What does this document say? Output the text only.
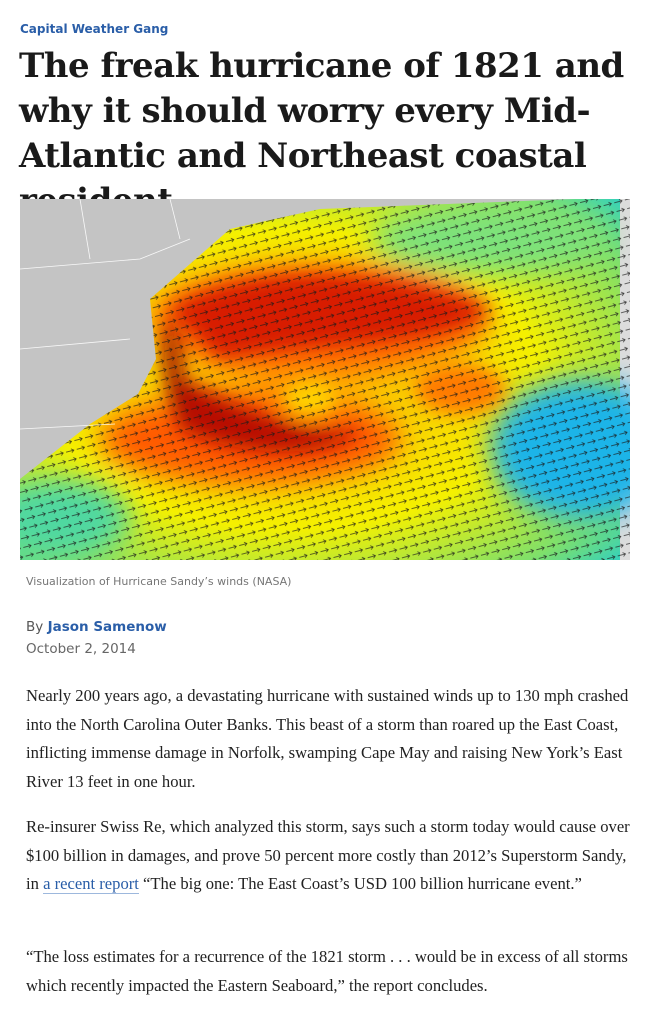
Capital Weather Gang
The freak hurricane of 1821 and why it should worry every Mid-Atlantic and Northeast coastal
Visualization of Hurricane Sandy’s winds (NASA)
By Jason Samenow
October 2, 2014

Nearly 200 years ago, a devastating hurricane with sustained winds up to 130 mph crashed into the North Carolina Outer Banks. This beast of a storm than roared up the East Coast, inflicting immense damage in Norfolk, swamping Cape May and raising New York’s East River 13 feet in one hour.

Re-insurer Swiss Re, which analyzed this storm, says such a storm today would cause over $100 billion in damages, and prove 50 percent more costly than 2012’s Superstorm Sandy, in a recent report “The big one: The East Coast’s USD 100 billion hurricane event.”

“The loss estimates for a recurrence of the 1821 storm . . . would be in excess of all storms which recently impacted the Eastern Seaboard,” the report concludes.
